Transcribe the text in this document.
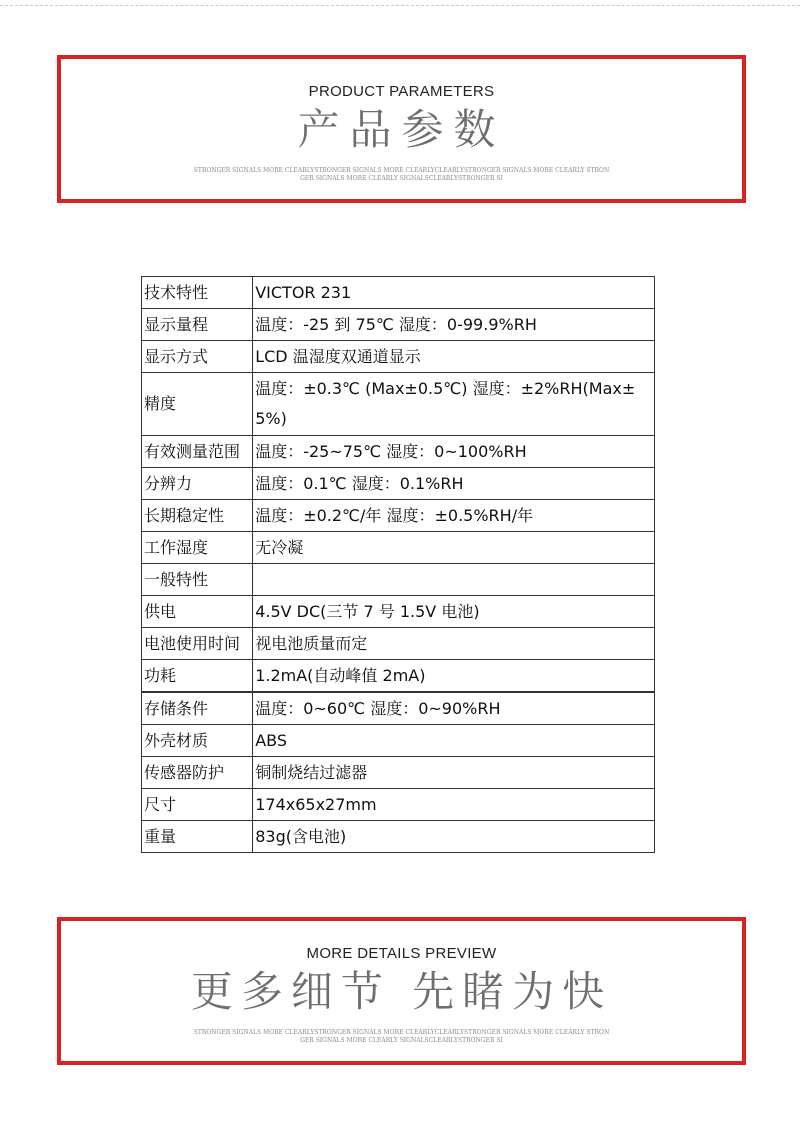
PRODUCT PARAMETERS
产品参数
STRONGER SIGNALS MORE CLEARLYSTRONGER SIGNALS MORE CLEARLYCLEARLYSTRONGER SIGNALS MORE CLEARLY STRONGER SIGNALS MORE CLEARLY SIGNALSCLEARLYSTRONGER SI
技术特性	VICTOR 231
显示量程	温度：-25 到 75℃ 湿度：0-99.9%RH
显示方式	LCD 温湿度双通道显示
精度	温度：±0.3℃ (Max±0.5℃) 湿度：±2%RH(Max± 5%)
有效测量范围	温度：-25~75℃ 湿度：0~100%RH
分辨力	温度：0.1℃ 湿度：0.1%RH
长期稳定性	温度：±0.2℃/年 湿度：±0.5%RH/年
工作湿度	无冷凝
一般特性	
供电	4.5V DC(三节 7 号 1.5V 电池)
电池使用时间	视电池质量而定
功耗	1.2mA(自动峰值 2mA)
存储条件	温度：0~60℃ 湿度：0~90%RH
外壳材质	ABS
传感器防护	铜制烧结过滤器
尺寸	174x65x27mm
重量	83g(含电池)
MORE DETAILS PREVIEW
更多细节 先睹为快
STRONGER SIGNALS MORE CLEARLYSTRONGER SIGNALS MORE CLEARLYCLEARLYSTRONGER SIGNALS MORE CLEARLY STRONGER SIGNALS MORE CLEARLY SIGNALSCLEARLYSTRONGER SI
